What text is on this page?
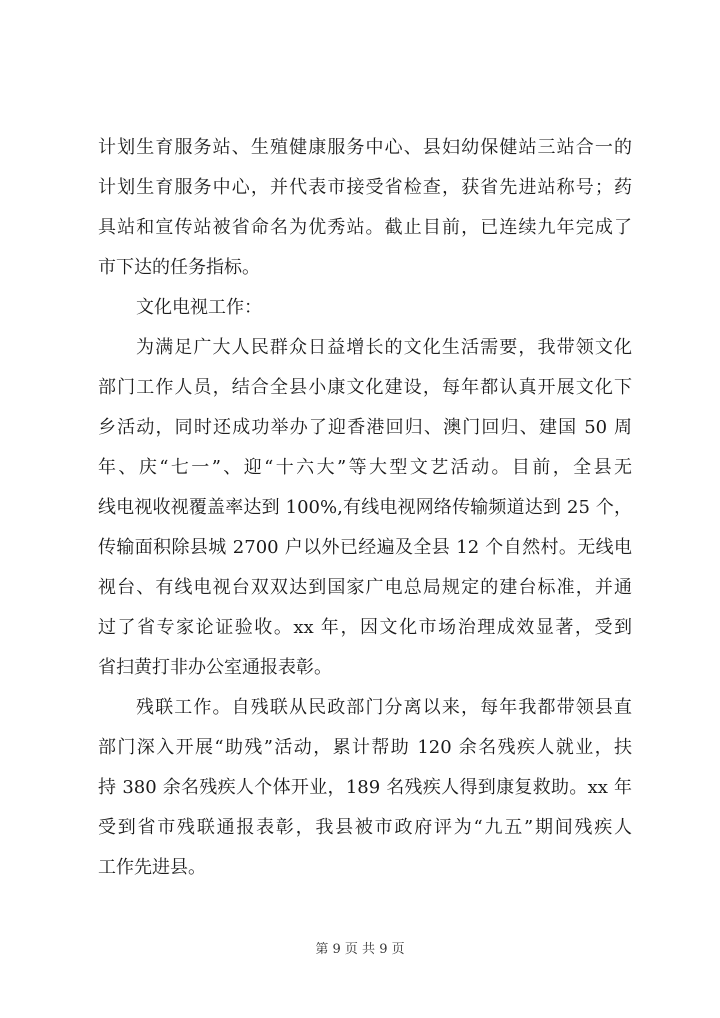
计划生育服务站、生殖健康服务中心、县妇幼保健站三站合一的
计划生育服务中心，并代表市接受省检查，获省先进站称号；药
具站和宣传站被省命名为优秀站。截止目前，已连续九年完成了
市下达的任务指标。
文化电视工作：
为满足广大人民群众日益增长的文化生活需要，我带领文化
部门工作人员，结合全县小康文化建设，每年都认真开展文化下
乡活动，同时还成功举办了迎香港回归、澳门回归、建国 50 周
年、庆“七一”、迎“十六大”等大型文艺活动。目前，全县无
线电视收视覆盖率达到 100%,有线电视网络传输频道达到 25 个，
传输面积除县城 2700 户以外已经遍及全县 12 个自然村。无线电
视台、有线电视台双双达到国家广电总局规定的建台标准，并通
过了省专家论证验收。xx 年，因文化市场治理成效显著，受到
省扫黄打非办公室通报表彰。
残联工作。自残联从民政部门分离以来，每年我都带领县直
部门深入开展“助残”活动，累计帮助 120 余名残疾人就业，扶
持 380 余名残疾人个体开业，189 名残疾人得到康复救助。xx 年
受到省市残联通报表彰，我县被市政府评为“九五”期间残疾人
工作先进县。
第 9 页 共 9 页
